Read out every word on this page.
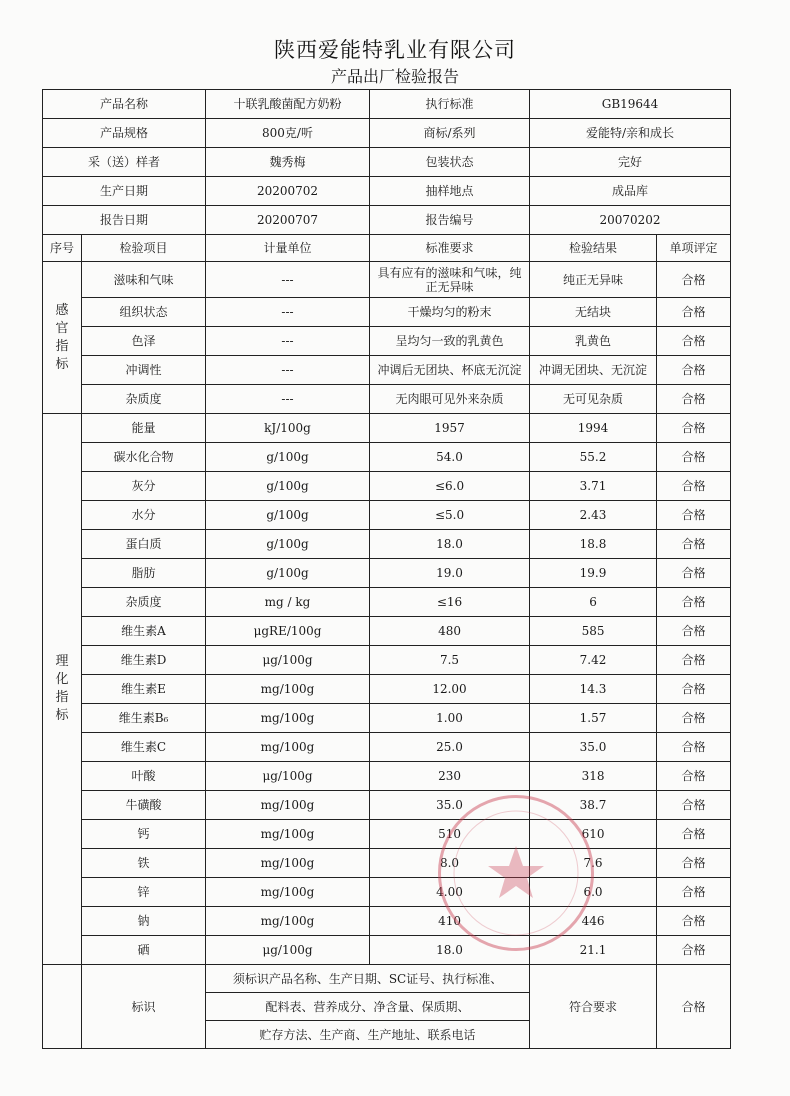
陕西爱能特乳业有限公司
产品出厂检验报告
产品名称		十联乳酸菌配方奶粉	执行标准	GB19644	
产品规格		800克/听	商标/系列	爱能特/亲和成长	
采（送）样者		魏秀梅	包装状态	完好	
生产日期		20200702	抽样地点	成品库	
报告日期		20200707	报告编号	20070202	
序号	检验项目	计量单位	标准要求	检验结果	单项评定

感
官
指
标	滋味和气味	---	具有应有的滋味和气味，纯正无异味	纯正无异味	合格
	组织状态	---	干燥均匀的粉末	无结块	合格
	色泽	---	呈均匀一致的乳黄色	乳黄色	合格
	冲调性	---	冲调后无团块、杯底无沉淀	冲调无团块、无沉淀	合格
	杂质度	---	无肉眼可见外来杂质	无可见杂质	合格

理
化
指
标	能量	kJ/100g	1957	1994	合格
	碳水化合物	g/100g	54.0	55.2	合格
	灰分	g/100g	≤6.0	3.71	合格
	水分	g/100g	≤5.0	2.43	合格
	蛋白质	g/100g	18.0	18.8	合格
	脂肪	g/100g	19.0	19.9	合格
	杂质度	mg / kg	≤16	6	合格
	维生素A	μgRE/100g	480	585	合格
	维生素D	μg/100g	7.5	7.42	合格
	维生素E	mg/100g	12.00	14.3	合格
	维生素B₆	mg/100g	1.00	1.57	合格
	维生素C	mg/100g	25.0	35.0	合格
	叶酸	μg/100g	230	318	合格
	牛磺酸	mg/100g	35.0	38.7	合格
	钙	mg/100g	510	610	合格
	铁	mg/100g	8.0	7.6	合格
	锌	mg/100g	4.00	6.0	合格
	钠	mg/100g	410	446	合格
	硒	μg/100g	18.0	21.1	合格
	标识	须标识产品名称、生产日期、SC证号、执行标准、		符合要求	合格
		配料表、营养成分、净含量、保质期、			
		贮存方法、生产商、生产地址、联系电话			
